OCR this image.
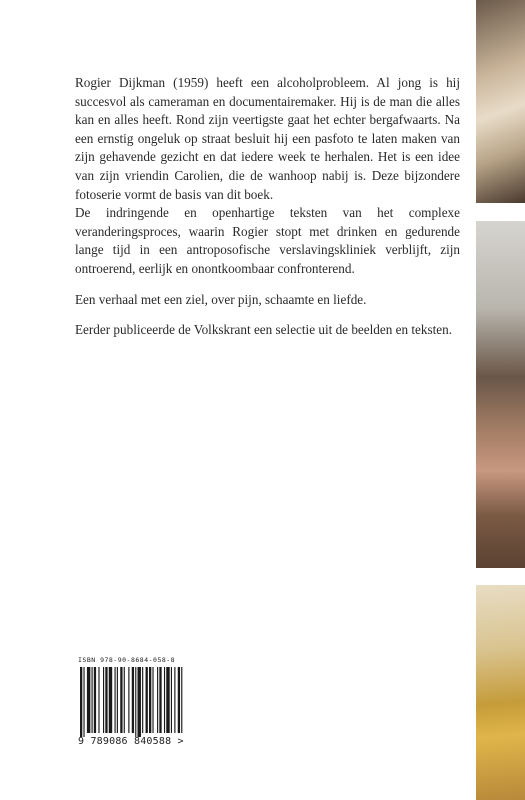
Rogier Dijkman (1959) heeft een alcoholprobleem. Al jong is hij succesvol als cameraman en documentairemaker. Hij is de man die alles kan en alles heeft. Rond zijn veertigste gaat het echter bergafwaarts. Na een ernstig ongeluk op straat besluit hij een pasfoto te laten maken van zijn gehavende gezicht en dat iedere week te herhalen. Het is een idee van zijn vriendin Carolien, die de wanhoop nabij is. Deze bijzondere fotoserie vormt de basis van dit boek.

De indringende en openhartige teksten van het complexe veranderingsproces, waarin Rogier stopt met drinken en gedurende lange tijd in een antroposofische verslavingskliniek verblijft, zijn ontroerend, eerlijk en onontkoombaar confronterend.

Een verhaal met een ziel, over pijn, schaamte en liefde.

Eerder publiceerde de Volkskrant een selectie uit de beelden en teksten.

ISBN 978-90-8684-058-8
9 789086 840588 >
